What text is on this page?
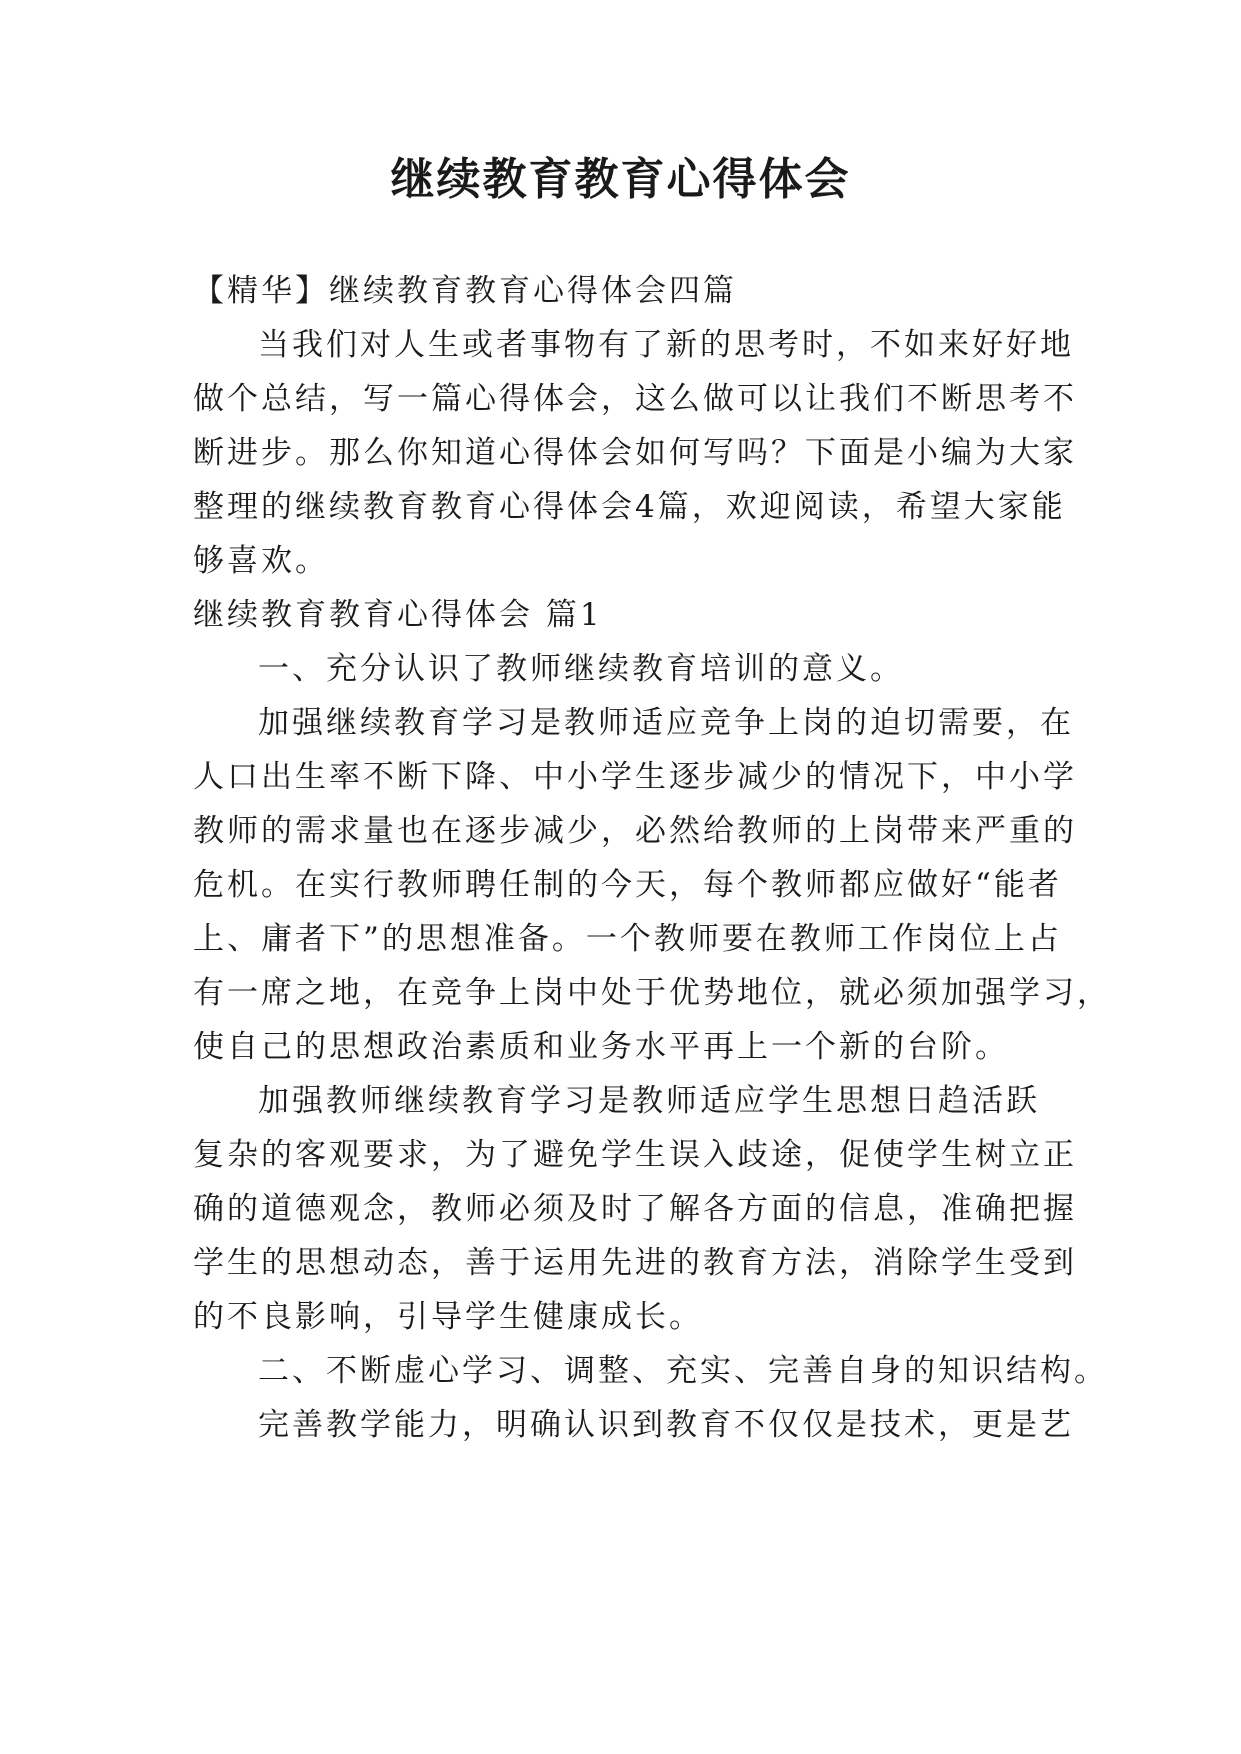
继续教育教育心得体会
【精华】继续教育教育心得体会四篇
当我们对人生或者事物有了新的思考时，不如来好好地
做个总结，写一篇心得体会，这么做可以让我们不断思考不
断进步。那么你知道心得体会如何写吗？下面是小编为大家
整理的继续教育教育心得体会4篇，欢迎阅读，希望大家能
够喜欢。
继续教育教育心得体会 篇1
一、充分认识了教师继续教育培训的意义。
加强继续教育学习是教师适应竞争上岗的迫切需要，在
人口出生率不断下降、中小学生逐步减少的情况下，中小学
教师的需求量也在逐步减少，必然给教师的上岗带来严重的
危机。在实行教师聘任制的今天，每个教师都应做好“能者
上、庸者下”的思想准备。一个教师要在教师工作岗位上占
有一席之地，在竞争上岗中处于优势地位，就必须加强学习，
使自己的思想政治素质和业务水平再上一个新的台阶。
加强教师继续教育学习是教师适应学生思想日趋活跃
复杂的客观要求，为了避免学生误入歧途，促使学生树立正
确的道德观念，教师必须及时了解各方面的信息，准确把握
学生的思想动态，善于运用先进的教育方法，消除学生受到
的不良影响，引导学生健康成长。
二、不断虚心学习、调整、充实、完善自身的知识结构。
完善教学能力，明确认识到教育不仅仅是技术，更是艺
